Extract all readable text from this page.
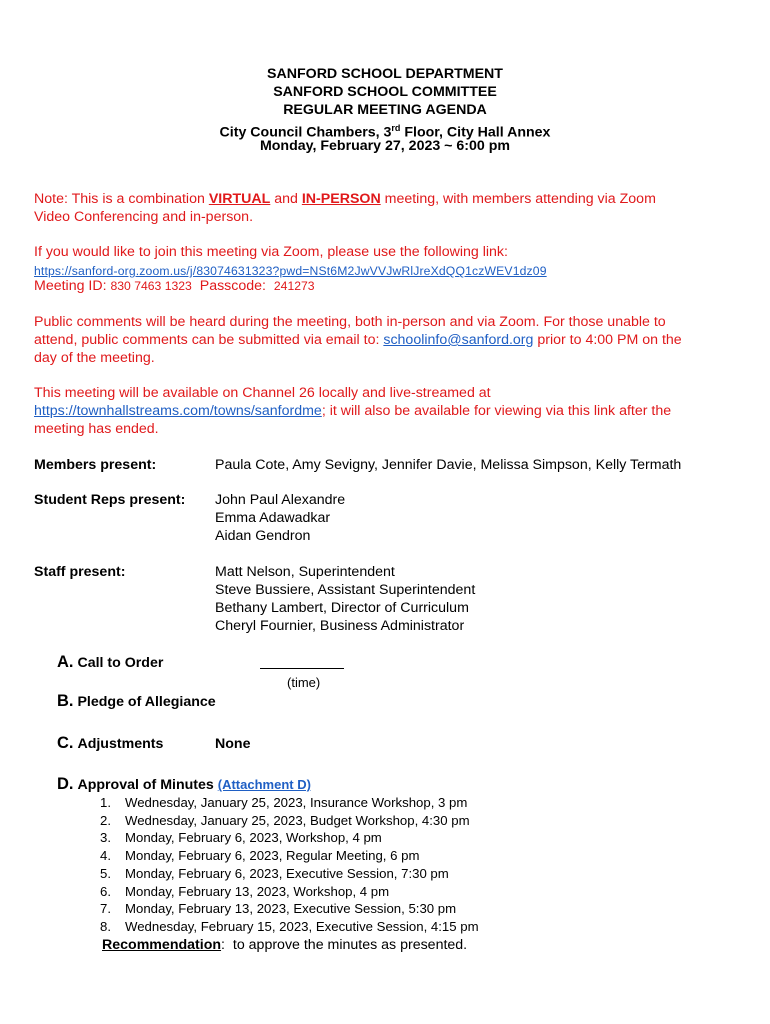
SANFORD SCHOOL DEPARTMENT
SANFORD SCHOOL COMMITTEE
REGULAR MEETING AGENDA
City Council Chambers, 3rd Floor, City Hall Annex
Monday, February 27, 2023 ~ 6:00 pm
Note: This is a combination VIRTUAL and IN-PERSON meeting, with members attending via Zoom
Video Conferencing and in-person.
If you would like to join this meeting via Zoom, please use the following link:
https://sanford-org.zoom.us/j/83074631323?pwd=NSt6M2JwVVJwRlJreXdQQ1czWEV1dz09
Meeting ID: 830 7463 1323 Passcode:  241273
Public comments will be heard during the meeting, both in-person and via Zoom. For those unable to
attend, public comments can be submitted via email to: schoolinfo@sanford.org prior to 4:00 PM on the
day of the meeting.
This meeting will be available on Channel 26 locally and live-streamed at
https://townhallstreams.com/towns/sanfordme; it will also be available for viewing via this link after the
meeting has ended.
Members present:	Paula Cote, Amy Sevigny, Jennifer Davie, Melissa Simpson, Kelly Termath
Student Reps present: John Paul Alexandre
Emma Adawadkar
Aidan Gendron
Staff present:	Matt Nelson, Superintendent
Steve Bussiere, Assistant Superintendent
Bethany Lambert, Director of Curriculum
Cheryl Fournier, Business Administrator
A. Call to Order
(time)
B. Pledge of Allegiance
C. Adjustments	None
D. Approval of Minutes (Attachment D)
1. Wednesday, January 25, 2023, Insurance Workshop, 3 pm
2. Wednesday, January 25, 2023, Budget Workshop, 4:30 pm
3. Monday, February 6, 2023, Workshop, 4 pm
4. Monday, February 6, 2023, Regular Meeting, 6 pm
5. Monday, February 6, 2023, Executive Session, 7:30 pm
6. Monday, February 13, 2023, Workshop, 4 pm
7. Monday, February 13, 2023, Executive Session, 5:30 pm
8. Wednesday, February 15, 2023, Executive Session, 4:15 pm
Recommendation:  to approve the minutes as presented.
